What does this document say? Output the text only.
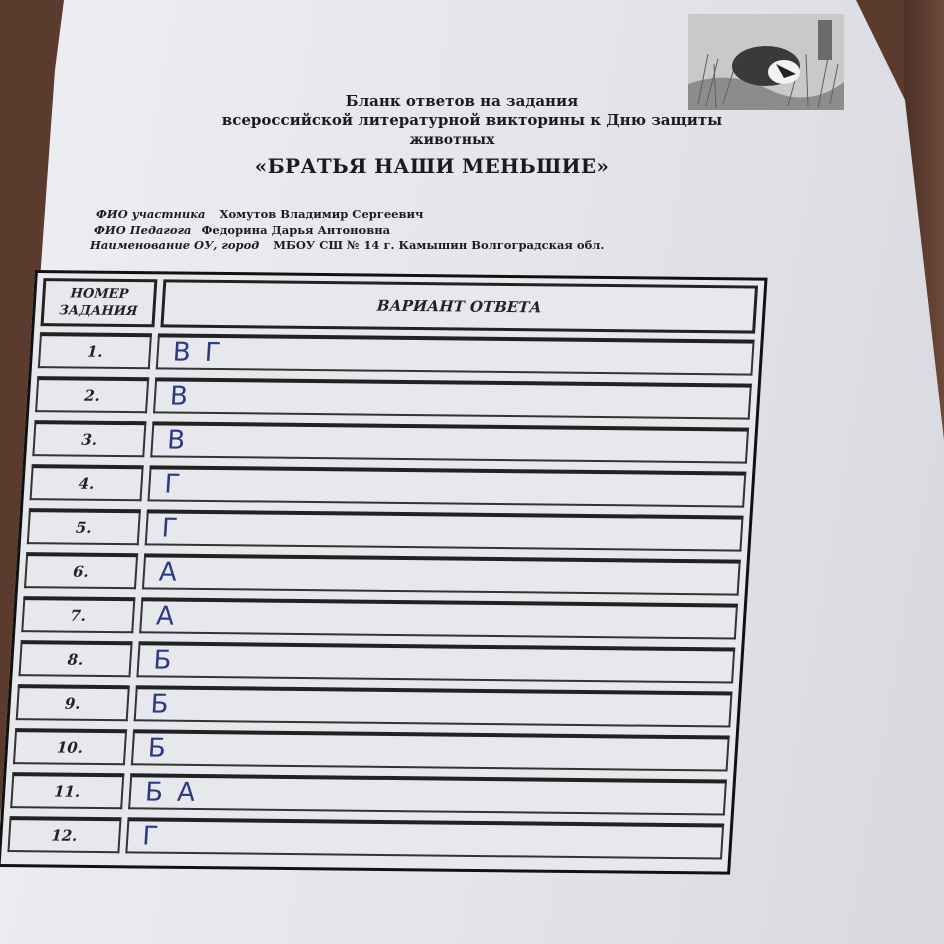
Бланк ответов на задания
всероссийской литературной викторины к Дню защиты
животных
«БРАТЬЯ НАШИ МЕНЬШИЕ»
ФИО участника Хомутов Владимир Сергеевич
ФИО Педагога Федорина Дарья Антоновна
Наименование ОУ, город МБОУ СШ № 14 г. Камышин Волгоградская обл.
НОМЕР ЗАДАНИЯ	ВАРИАНТ ОТВЕТА
1.	В Г
2.	В
3.	В
4.	Г
5.	Г
6.	А
7.	А
8.	Б
9.	Б
10.	Б
11.	Б А
12.	Г
